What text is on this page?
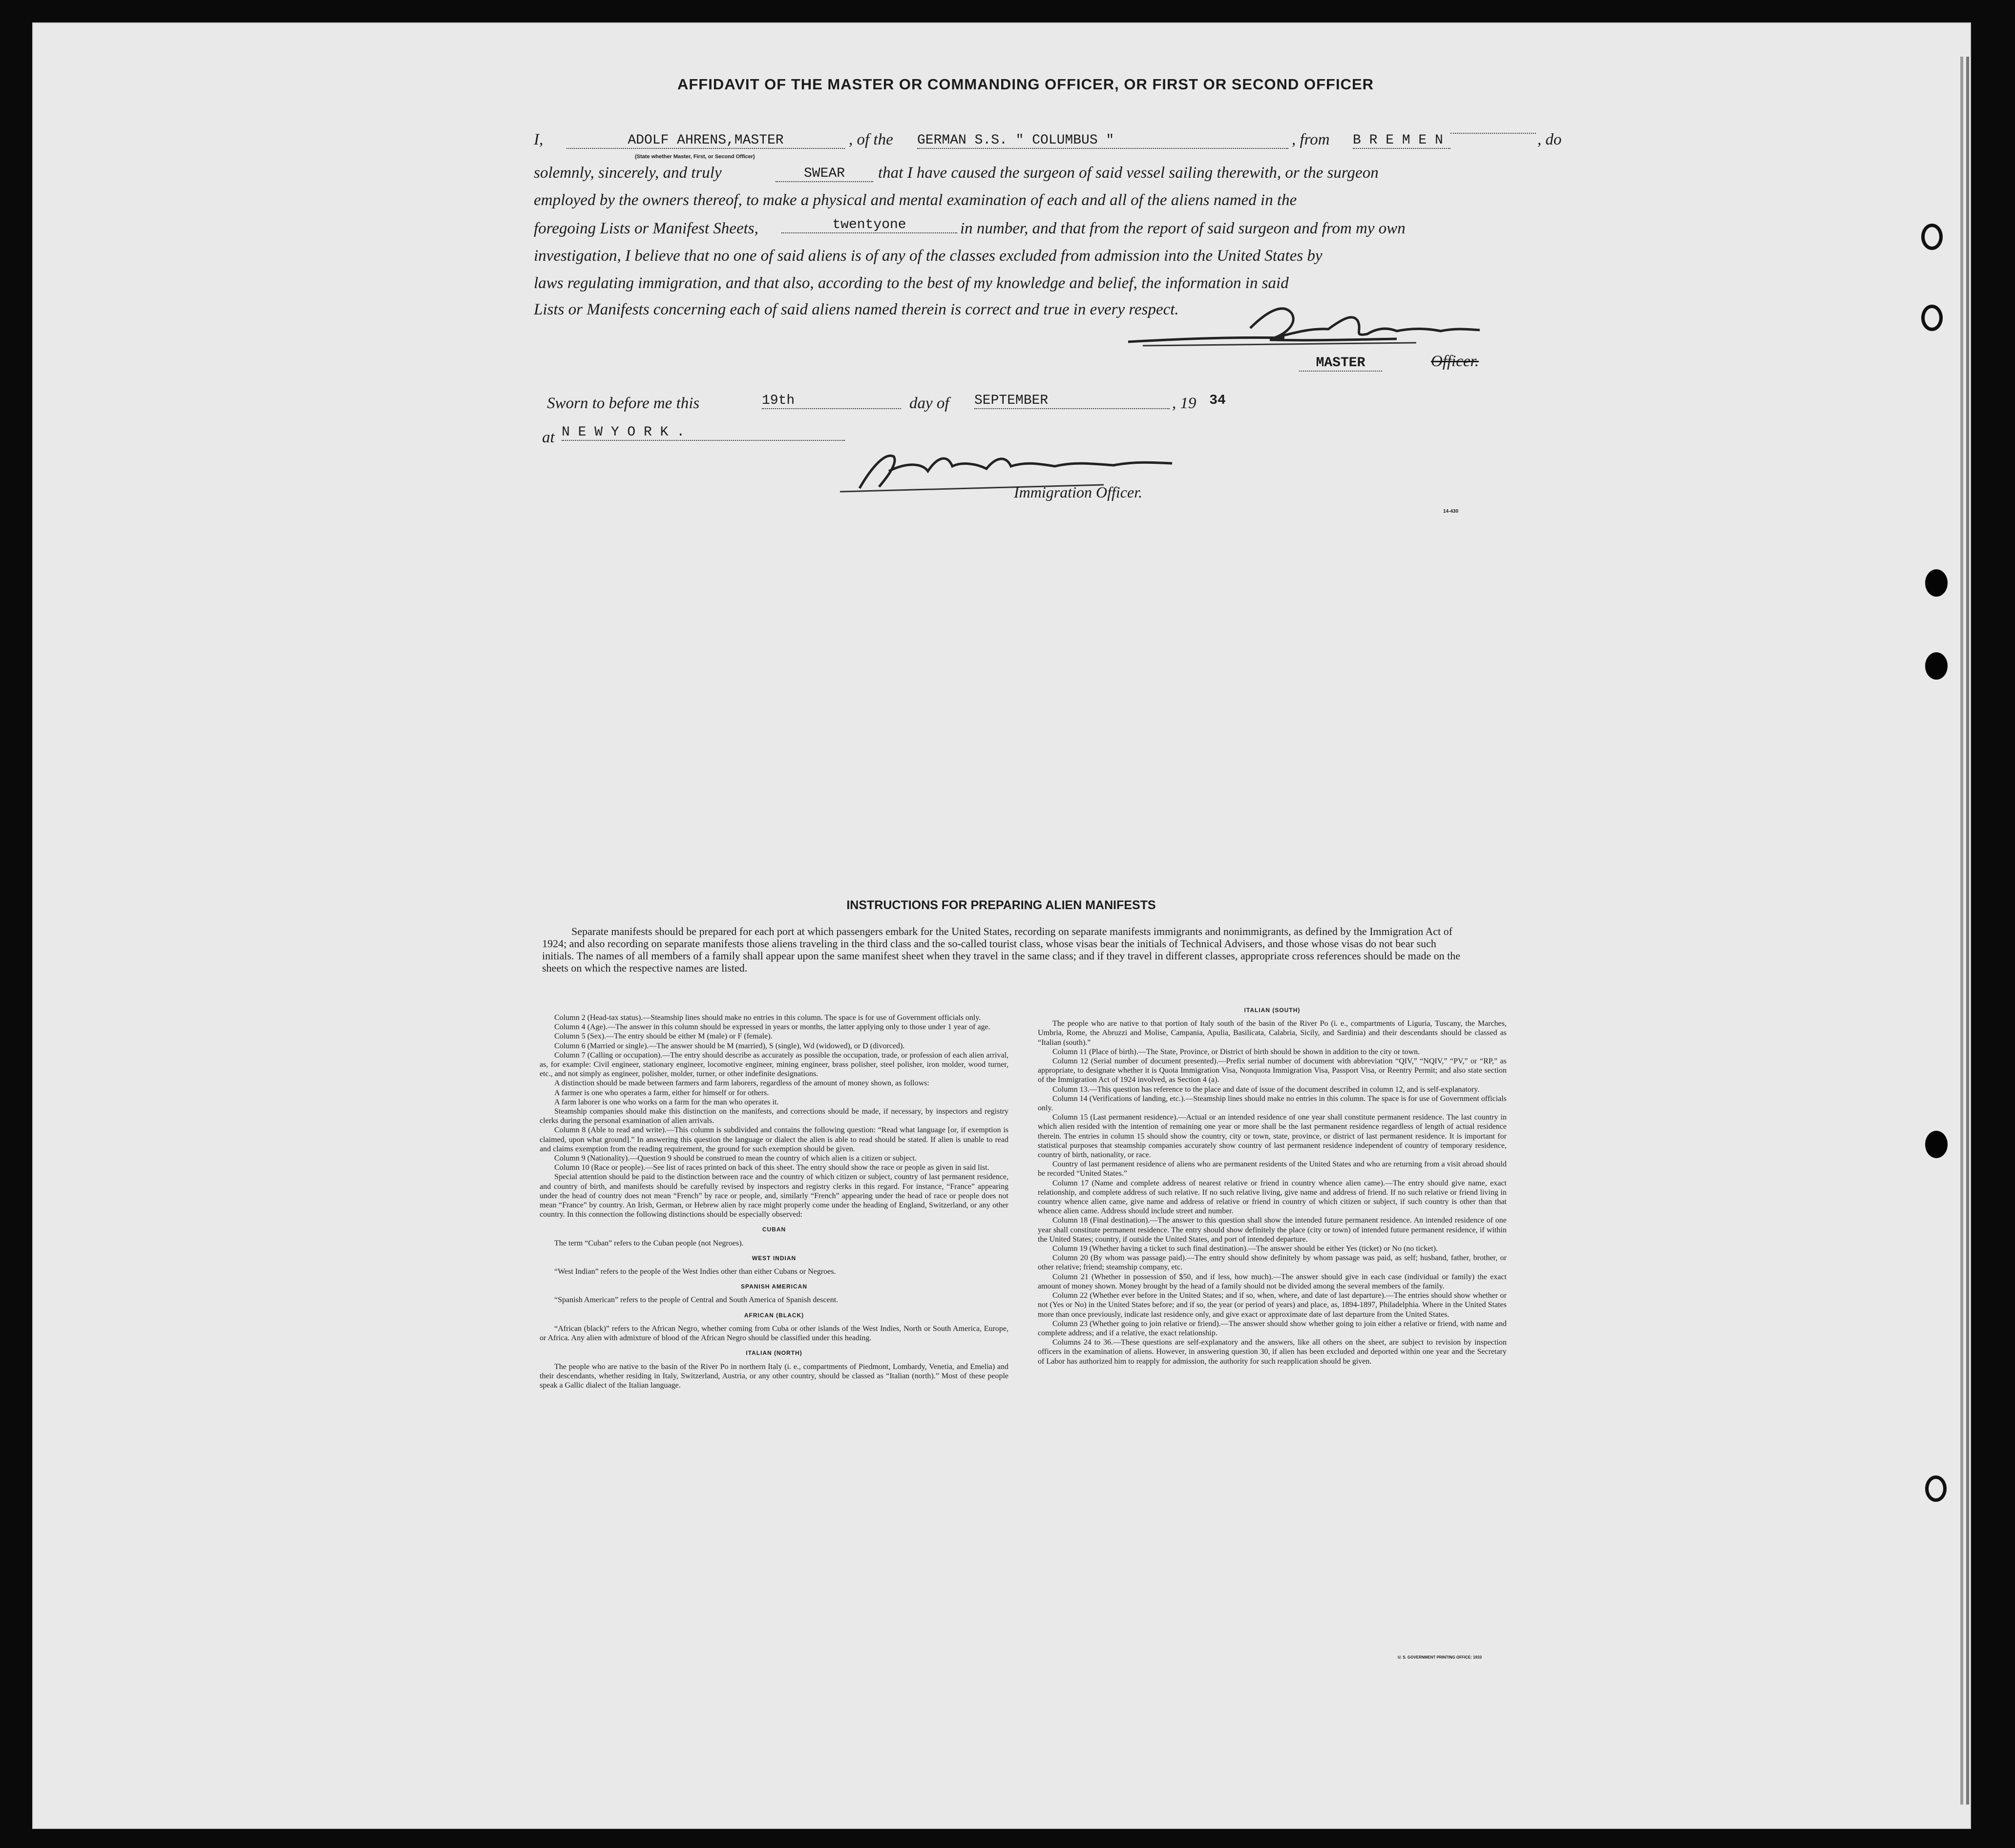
AFFIDAVIT OF THE MASTER OR COMMANDING OFFICER, OR FIRST OR SECOND OFFICER
I,	ADOLF AHRENS,MASTER	, of the	GERMAN S.S. " COLUMBUS "	, from	B R E M E N	, do
(State whether Master, First, or Second Officer)
solemnly, sincerely, and truly	SWEAR	that I have caused the surgeon of said vessel sailing therewith, or the surgeon
employed by the owners thereof, to make a physical and mental examination of each and all of the aliens named in the
foregoing Lists or Manifest Sheets,	twentyone	in number, and that from the report of said surgeon and from my own
investigation, I believe that no one of said aliens is of any of the classes excluded from admission into the United States by
laws regulating immigration, and that also, according to the best of my knowledge and belief, the information in said
Lists or Manifests concerning each of said aliens named therein is correct and true in every respect.
MASTER	Officer.
Sworn to before me this	19th	day of	SEPTEMBER	, 19 34
at N E W Y O R K .
Immigration Officer.
14-430
INSTRUCTIONS FOR PREPARING ALIEN MANIFESTS
Separate manifests should be prepared for each port at which passengers embark for the United States, recording on separate manifests immigrants and nonimmigrants, as defined by the Immigration Act of 1924; and also recording on separate manifests those aliens traveling in the third class and the so-called tourist class, whose visas bear the initials of Technical Advisers, and those whose visas do not bear such initials. The names of all members of a family shall appear upon the same manifest sheet when they travel in the same class; and if they travel in different classes, appropriate cross references should be made on the sheets on which the respective names are listed.

Column 2 (Head-tax status).—Steamship lines should make no entries in this column. The space is for use of Government officials only.

Column 4 (Age).—The answer in this column should be expressed in years or months, the latter applying only to those under 1 year of age.

Column 5 (Sex).—The entry should be either M (male) or F (female).

Column 6 (Married or single).—The answer should be M (married), S (single), Wd (widowed), or D (divorced).

Column 7 (Calling or occupation).—The entry should describe as accurately as possible the occupation, trade, or profession of each alien arrival, as, for example: Civil engineer, stationary engineer, locomotive engineer, mining engineer, brass polisher, steel polisher, iron molder, wood turner, etc., and not simply as engineer, polisher, molder, turner, or other indefinite designations.

A distinction should be made between farmers and farm laborers, regardless of the amount of money shown, as follows:

A farmer is one who operates a farm, either for himself or for others.

A farm laborer is one who works on a farm for the man who operates it.

Steamship companies should make this distinction on the manifests, and corrections should be made, if necessary, by inspectors and registry clerks during the personal examination of alien arrivals.

Column 8 (Able to read and write).—This column is subdivided and contains the following question: “Read what language [or, if exemption is claimed, upon what ground].” In answering this question the language or dialect the alien is able to read should be stated. If alien is unable to read and claims exemption from the reading requirement, the ground for such exemption should be given.

Column 9 (Nationality).—Question 9 should be construed to mean the country of which alien is a citizen or subject.

Column 10 (Race or people).—See list of races printed on back of this sheet. The entry should show the race or people as given in said list.

Special attention should be paid to the distinction between race and the country of which citizen or subject, country of last permanent residence, and country of birth, and manifests should be carefully revised by inspectors and registry clerks in this regard. For instance, “France” appearing under the head of country does not mean “French” by race or people, and, similarly “French” appearing under the head of race or people does not mean “France” by country. An Irish, German, or Hebrew alien by race might properly come under the heading of England, Switzerland, or any other country. In this connection the following distinctions should be especially observed:

CUBAN

The term “Cuban” refers to the Cuban people (not Negroes).

WEST INDIAN

“West Indian” refers to the people of the West Indies other than either Cubans or Negroes.

SPANISH AMERICAN

“Spanish American” refers to the people of Central and South America of Spanish descent.

AFRICAN (BLACK)

“African (black)” refers to the African Negro, whether coming from Cuba or other islands of the West Indies, North or South America, Europe, or Africa. Any alien with admixture of blood of the African Negro should be classified under this heading.

ITALIAN (NORTH)

The people who are native to the basin of the River Po in northern Italy (i. e., compartments of Piedmont, Lombardy, Venetia, and Emelia) and their descendants, whether residing in Italy, Switzerland, Austria, or any other country, should be classed as “Italian (north).” Most of these people speak a Gallic dialect of the Italian language.

ITALIAN (SOUTH)

The people who are native to that portion of Italy south of the basin of the River Po (i. e., compartments of Liguria, Tuscany, the Marches, Umbria, Rome, the Abruzzi and Molise, Campania, Apulia, Basilicata, Calabria, Sicily, and Sardinia) and their descendants should be classed as “Italian (south).”

Column 11 (Place of birth).—The State, Province, or District of birth should be shown in addition to the city or town.

Column 12 (Serial number of document presented).—Prefix serial number of document with abbreviation “QIV,” “NQIV,” “PV,” or “RP,” as appropriate, to designate whether it is Quota Immigration Visa, Nonquota Immigration Visa, Passport Visa, or Reentry Permit; and also state section of the Immigration Act of 1924 involved, as Section 4 (a).

Column 13.—This question has reference to the place and date of issue of the document described in column 12, and is self-explanatory.

Column 14 (Verifications of landing, etc.).—Steamship lines should make no entries in this column. The space is for use of Government officials only.

Column 15 (Last permanent residence).—Actual or an intended residence of one year shall constitute permanent residence. The last country in which alien resided with the intention of remaining one year or more shall be the last permanent residence regardless of length of actual residence therein. The entries in column 15 should show the country, city or town, state, province, or district of last permanent residence. It is important for statistical purposes that steamship companies accurately show country of last permanent residence independent of country of temporary residence, country of birth, nationality, or race.

Country of last permanent residence of aliens who are permanent residents of the United States and who are returning from a visit abroad should be recorded “United States.”

Column 17 (Name and complete address of nearest relative or friend in country whence alien came).—The entry should give name, exact relationship, and complete address of such relative. If no such relative living, give name and address of friend. If no such relative or friend living in country whence alien came, give name and address of relative or friend in country of which citizen or subject, if such country is other than that whence alien came. Address should include street and number.

Column 18 (Final destination).—The answer to this question shall show the intended future permanent residence. An intended residence of one year shall constitute permanent residence. The entry should show definitely the place (city or town) of intended future permanent residence, if within the United States; country, if outside the United States, and port of intended departure.

Column 19 (Whether having a ticket to such final destination).—The answer should be either Yes (ticket) or No (no ticket).

Column 20 (By whom was passage paid).—The entry should show definitely by whom passage was paid, as self; husband, father, brother, or other relative; friend; steamship company, etc.

Column 21 (Whether in possession of $50, and if less, how much).—The answer should give in each case (individual or family) the exact amount of money shown. Money brought by the head of a family should not be divided among the several members of the family.

Column 22 (Whether ever before in the United States; and if so, when, where, and date of last departure).—The entries should show whether or not (Yes or No) in the United States before; and if so, the year (or period of years) and place, as, 1894-1897, Philadelphia. Where in the United States more than once previously, indicate last residence only, and give exact or approximate date of last departure from the United States.

Column 23 (Whether going to join relative or friend).—The answer should show whether going to join either a relative or friend, with name and complete address; and if a relative, the exact relationship.

Columns 24 to 36.—These questions are self-explanatory and the answers, like all others on the sheet, are subject to revision by inspection officers in the examination of aliens. However, in answering question 30, if alien has been excluded and deported within one year and the Secretary of Labor has authorized him to reapply for admission, the authority for such reapplication should be given.

U. S. GOVERNMENT PRINTING OFFICE: 1933
